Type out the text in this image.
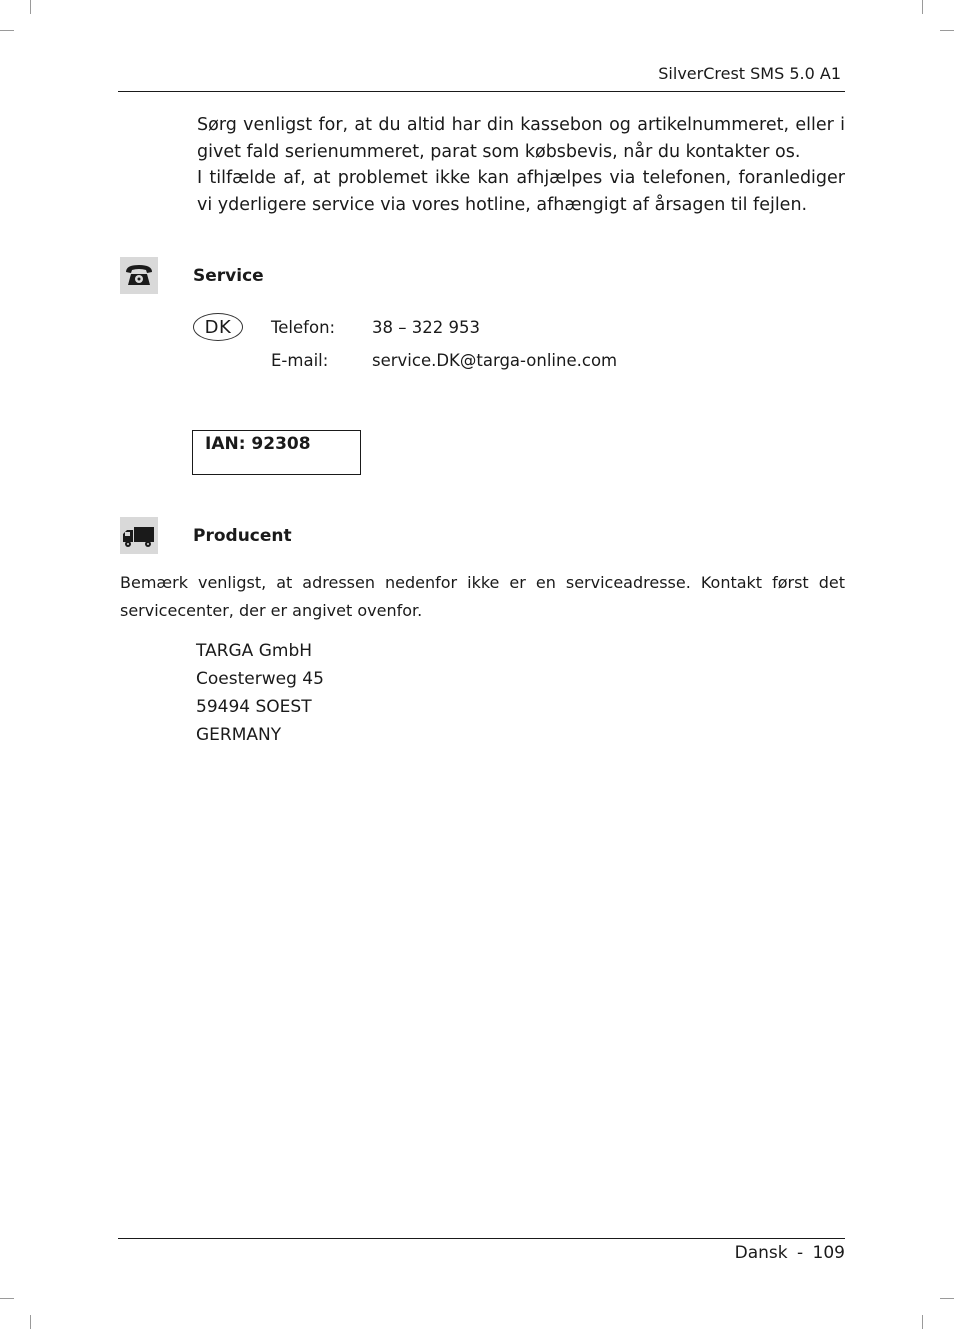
SilverCrest SMS 5.0 A1
Sørg venligst for, at du altid har din kassebon og artikelnummeret, eller i givet fald serienummeret, parat som købsbevis, når du kontakter os.
I tilfælde af, at problemet ikke kan afhjælpes via telefonen, foranlediger vi yderligere service via vores hotline, afhængigt af årsagen til fejlen.
Service
DK	Telefon: 38 – 322 953
E-mail:	service.DK@targa-online.com
IAN: 92308
Producent
Bemærk venligst, at adressen nedenfor ikke er en serviceadresse. Kontakt først det servicecenter, der er angivet ovenfor.
TARGA GmbH
Coesterweg 45
59494 SOEST
GERMANY
Dansk - 109
